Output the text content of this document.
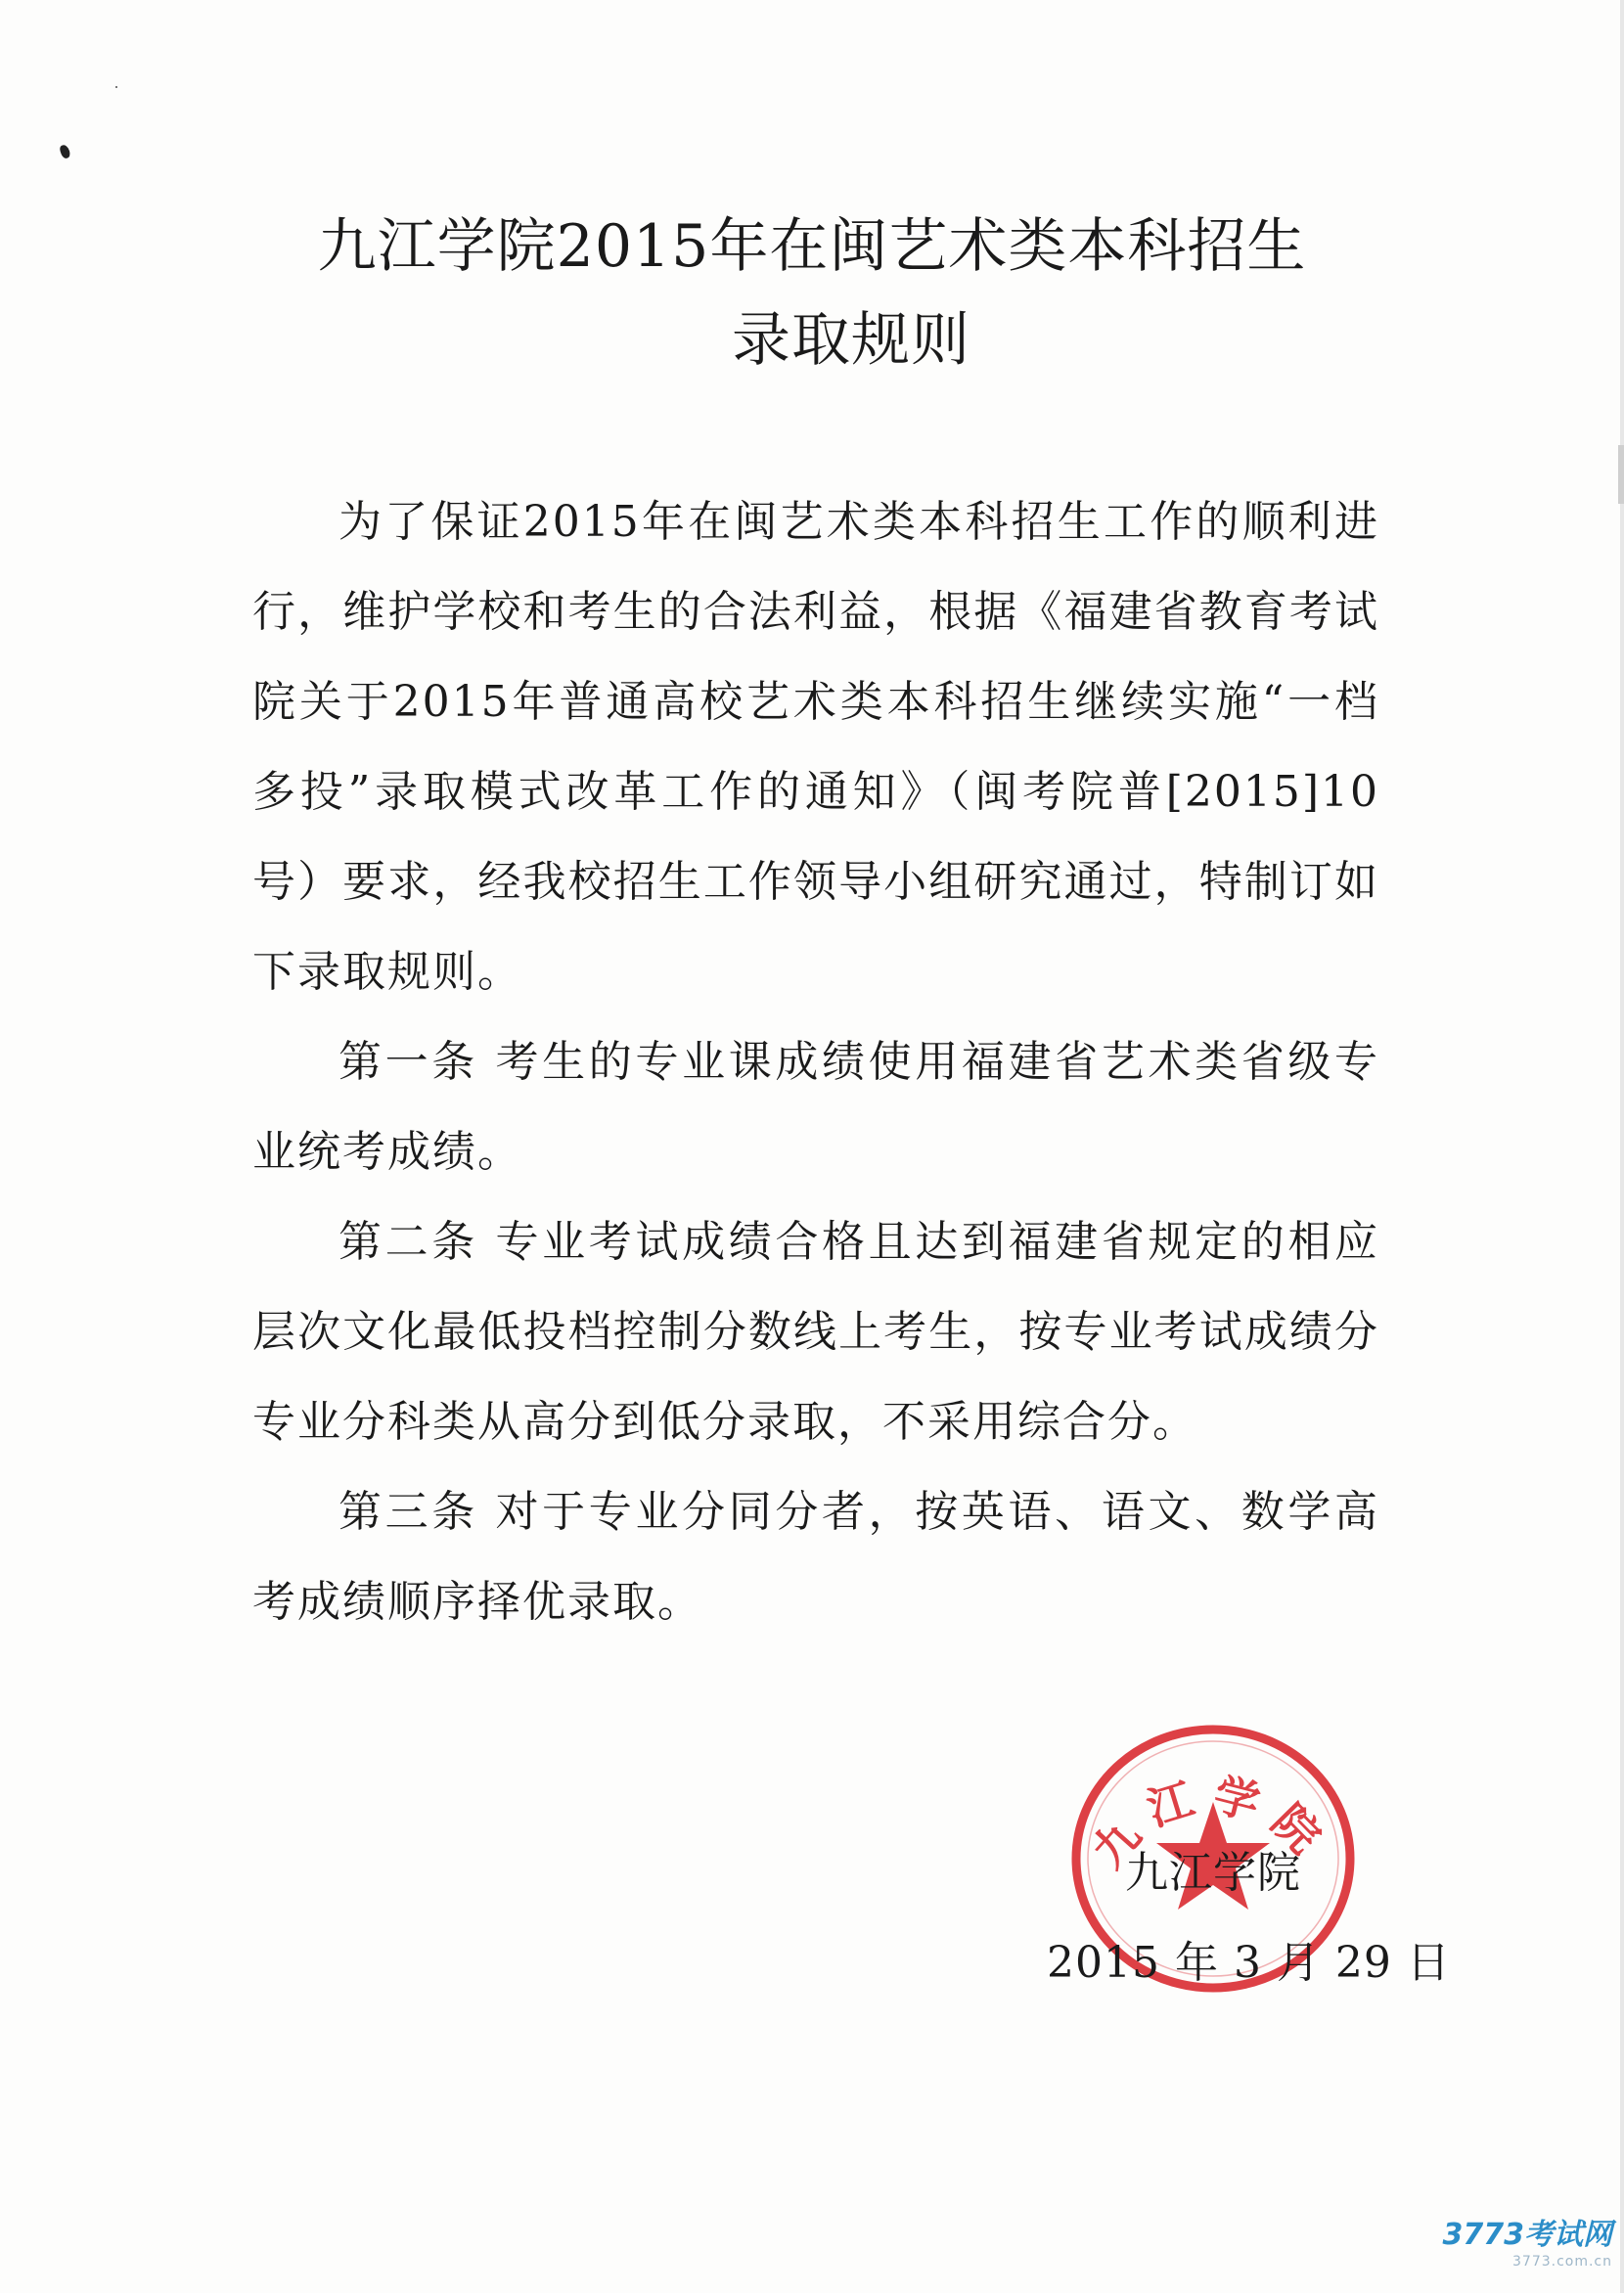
九江学院2015年在闽艺术类本科招生
录取规则

为了保证2015年在闽艺术类本科招生工作的顺利进行，维护学校和考生的合法利益，根据《福建省教育考试院关于2015年普通高校艺术类本科招生继续实施“一档多投”录取模式改革工作的通知》（闽考院普[2015]10号）要求，经我校招生工作领导小组研究通过，特制订如下录取规则。

第一条 考生的专业课成绩使用福建省艺术类省级专业统考成绩。

第二条 专业考试成绩合格且达到福建省规定的相应层次文化最低投档控制分数线上考生，按专业考试成绩分专业分科类从高分到低分录取，不采用综合分。

第三条 对于专业分同分者，按英语、语文、数学高考成绩顺序择优录取。

九江学院
九江学院
2015 年 3 月 29 日
3773考试网
3773.com.cn
